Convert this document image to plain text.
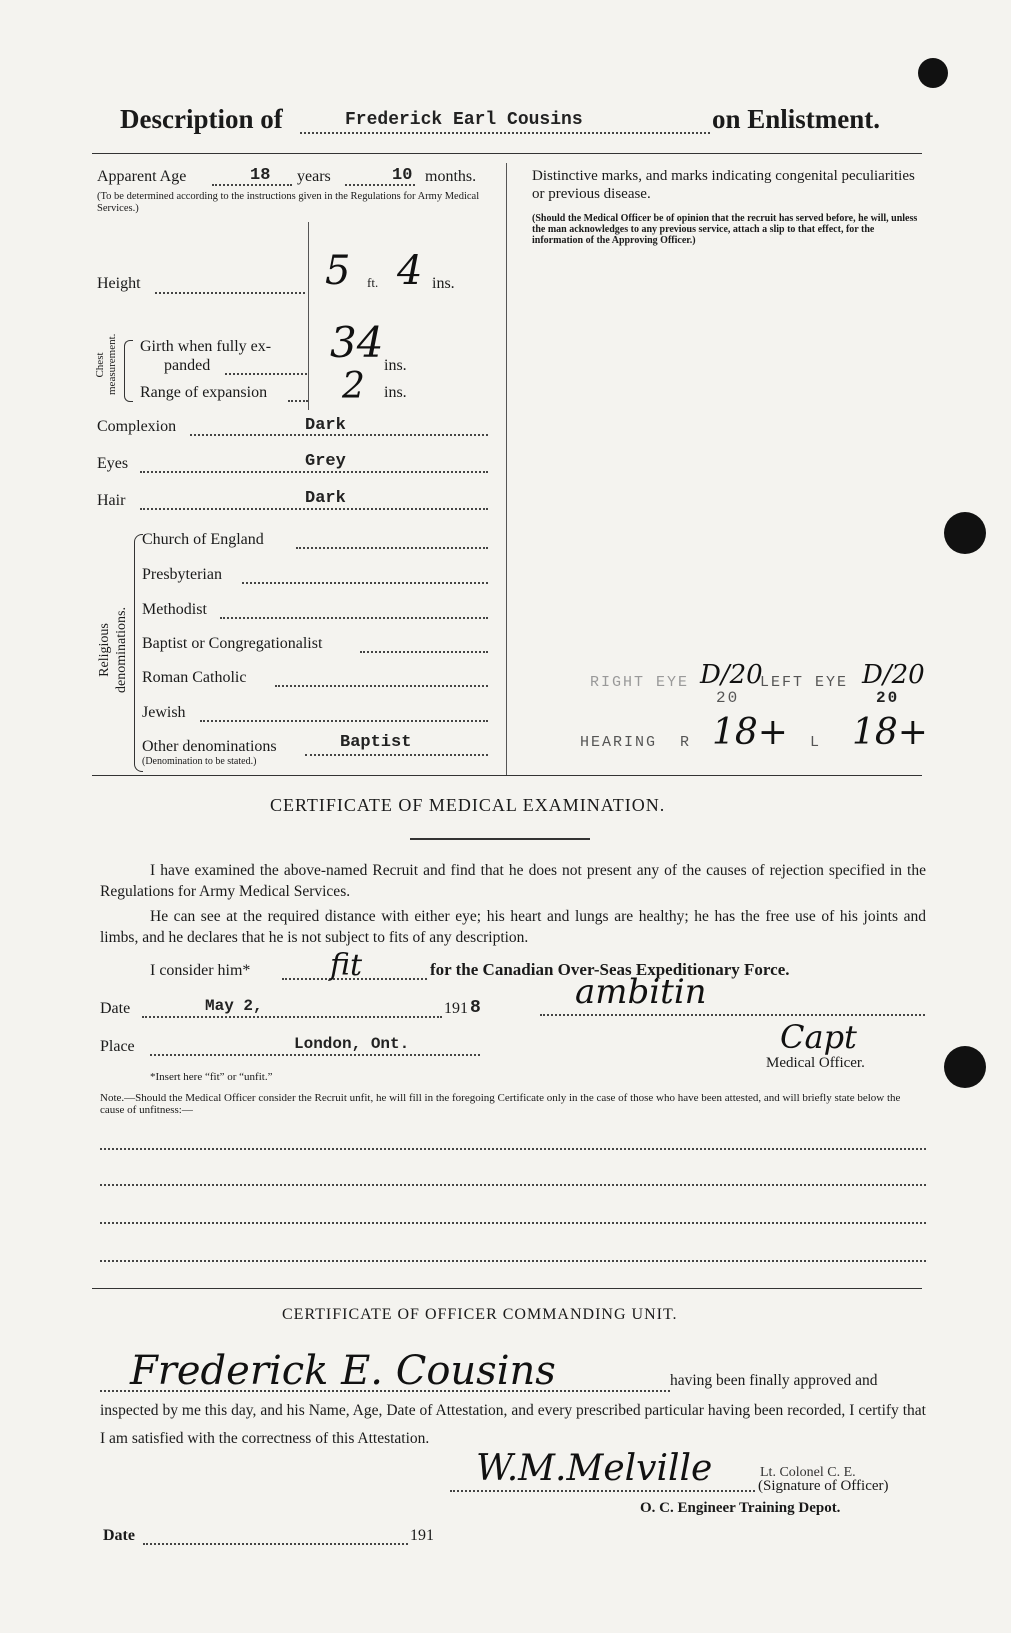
Description of	Frederick Earl Cousins	on Enlistment.
Apparent Age	18 years	10 months.
(To be determined according to the instructions given in the Regulations for Army Medical Services.)
Height	5 ft. 4 ins.
Chest measurement. Girth when fully ex-
panded	34 ins.
Range of expansion 2 ins.
Complexion	Dark
Eyes	Grey
Hair	Dark
Religious denominations.
Church of England
Presbyterian
Methodist
Baptist or Congregationalist
Roman Catholic
Jewish
Other denominations	Baptist
(Denomination to be stated.)
Distinctive marks, and marks indicating congenital peculiarities or previous disease.
(Should the Medical Officer be of opinion that the recruit has served before, he will, unless the man acknowledges to any previous service, attach a slip to that effect, for the information of the Approving Officer.)
RIGHT EYE D/20
20
LEFT EYE D/20
20
HEARING R 18+ L 18+
CERTIFICATE OF MEDICAL EXAMINATION.
I have examined the above-named Recruit and find that he does not present any of the causes of rejection specified in the Regulations for Army Medical Services.
He can see at the required distance with either eye; his heart and lungs are healthy; he has the free use of his joints and limbs, and he declares that he is not subject to fits of any description.
I consider him*	fit	for the Canadian Over-Seas Expeditionary Force.
Date	May 2,	191 8	ambitin
Capt
Place	London, Ont.
Medical Officer.
*Insert here “fit” or “unfit.”
Note.—Should the Medical Officer consider the Recruit unfit, he will fill in the foregoing Certificate only in the case of those who have been attested, and will briefly state below the cause of unfitness:—
CERTIFICATE OF OFFICER COMMANDING UNIT.
Frederick E. Cousins	having been finally approved and
inspected by me this day, and his Name, Age, Date of Attestation, and every prescribed particular having been recorded, I certify that I am satisfied with the correctness of this Attestation.
W.M.Melville	Lt. Colonel C. E.
(Signature of Officer)
O. C. Engineer Training Depot.
Date	191
